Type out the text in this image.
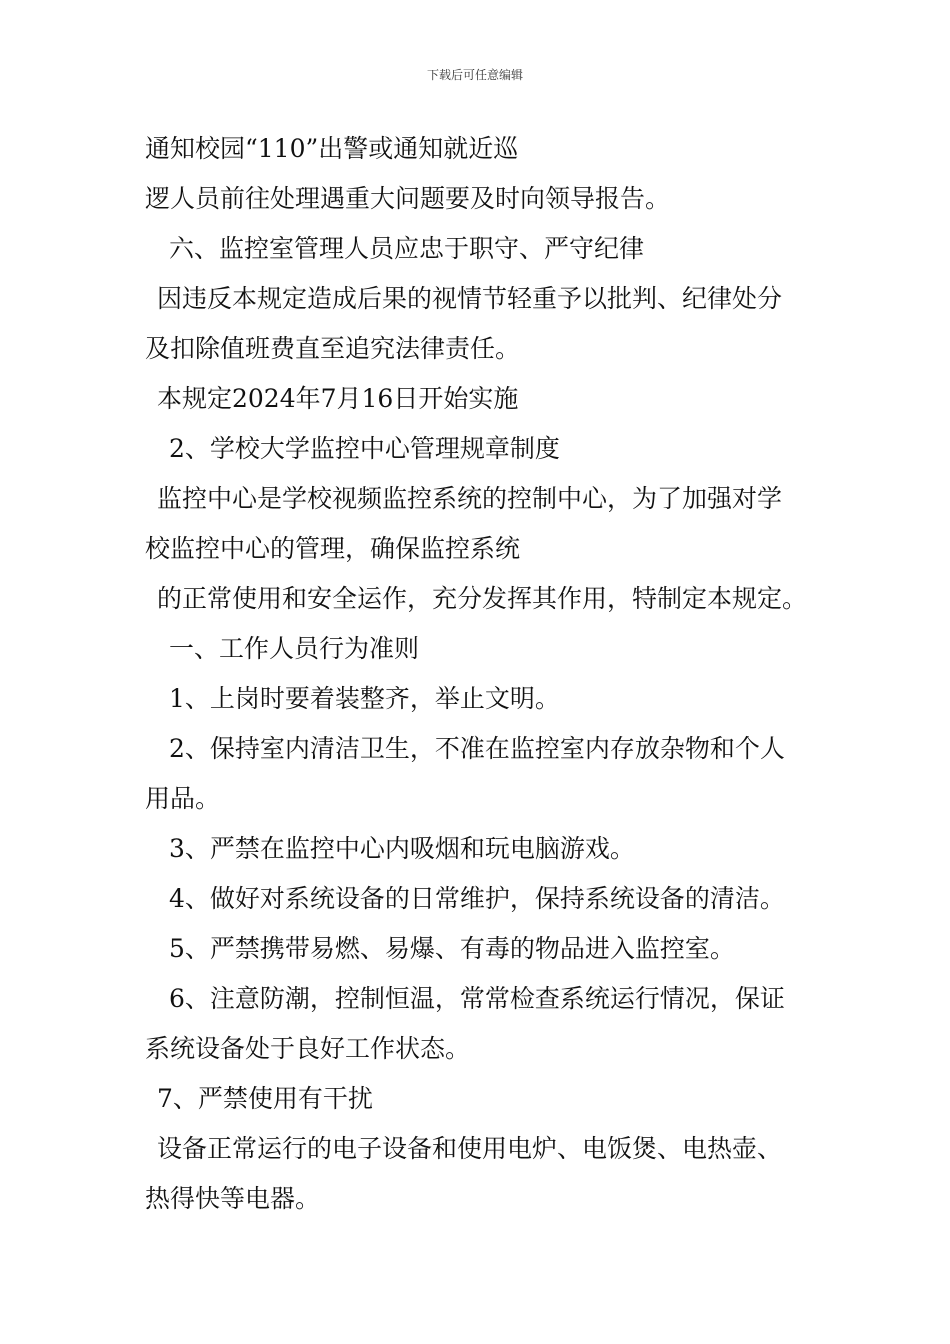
下载后可任意编辑
通知校园“110”出警或通知就近巡
逻人员前往处理遇重大问题要及时向领导报告。
六、监控室管理人员应忠于职守、严守纪律
因违反本规定造成后果的视情节轻重予以批判、纪律处分
及扣除值班费直至追究法律责任。
本规定2024年7月16日开始实施
2、学校大学监控中心管理规章制度
监控中心是学校视频监控系统的控制中心，为了加强对学
校监控中心的管理，确保监控系统
的正常使用和安全运作，充分发挥其作用，特制定本规定。
一、工作人员行为准则
1、上岗时要着装整齐，举止文明。
2、保持室内清洁卫生，不准在监控室内存放杂物和个人
用品。
3、严禁在监控中心内吸烟和玩电脑游戏。
4、做好对系统设备的日常维护，保持系统设备的清洁。
5、严禁携带易燃、易爆、有毒的物品进入监控室。
6、注意防潮，控制恒温，常常检查系统运行情况，保证
系统设备处于良好工作状态。
7、严禁使用有干扰
设备正常运行的电子设备和使用电炉、电饭煲、电热壶、
热得快等电器。
